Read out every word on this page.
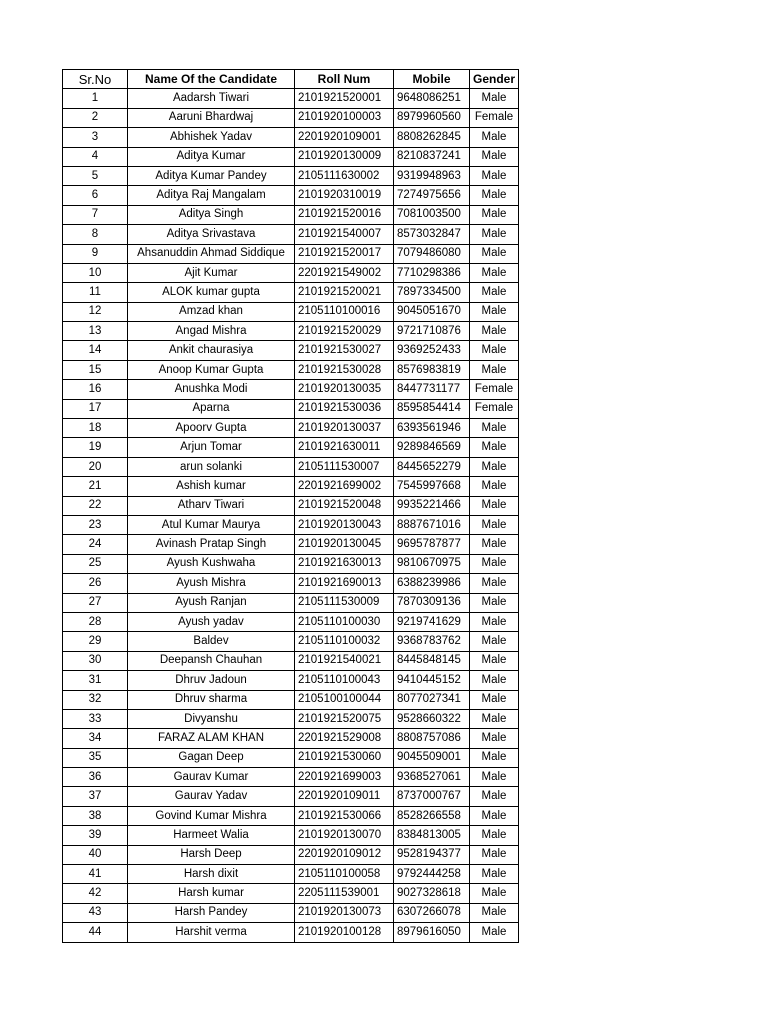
Sr.No	Name Of the Candidate	Roll Num	Mobile	Gender
1	Aadarsh Tiwari	2101921520001	9648086251	Male
2	Aaruni Bhardwaj	2101920100003	8979960560	Female
3	Abhishek Yadav	2201920109001	8808262845	Male
4	Aditya Kumar	2101920130009	8210837241	Male
5	Aditya Kumar Pandey	2105111630002	9319948963	Male
6	Aditya Raj Mangalam	2101920310019	7274975656	Male
7	Aditya Singh	2101921520016	7081003500	Male
8	Aditya Srivastava	2101921540007	8573032847	Male
9	Ahsanuddin Ahmad Siddique	2101921520017	7079486080	Male
10	Ajit Kumar	2201921549002	7710298386	Male
11	ALOK kumar gupta	2101921520021	7897334500	Male
12	Amzad khan	2105110100016	9045051670	Male
13	Angad Mishra	2101921520029	9721710876	Male
14	Ankit chaurasiya	2101921530027	9369252433	Male
15	Anoop Kumar Gupta	2101921530028	8576983819	Male
16	Anushka Modi	2101920130035	8447731177	Female
17	Aparna	2101921530036	8595854414	Female
18	Apoorv Gupta	2101920130037	6393561946	Male
19	Arjun Tomar	2101921630011	9289846569	Male
20	arun solanki	2105111530007	8445652279	Male
21	Ashish kumar	2201921699002	7545997668	Male
22	Atharv Tiwari	2101921520048	9935221466	Male
23	Atul Kumar Maurya	2101920130043	8887671016	Male
24	Avinash Pratap Singh	2101920130045	9695787877	Male
25	Ayush Kushwaha	2101921630013	9810670975	Male
26	Ayush Mishra	2101921690013	6388239986	Male
27	Ayush Ranjan	2105111530009	7870309136	Male
28	Ayush yadav	2105110100030	9219741629	Male
29	Baldev	2105110100032	9368783762	Male
30	Deepansh Chauhan	2101921540021	8445848145	Male
31	Dhruv Jadoun	2105110100043	9410445152	Male
32	Dhruv sharma	2105100100044	8077027341	Male
33	Divyanshu	2101921520075	9528660322	Male
34	FARAZ ALAM KHAN	2201921529008	8808757086	Male
35	Gagan Deep	2101921530060	9045509001	Male
36	Gaurav Kumar	2201921699003	9368527061	Male
37	Gaurav Yadav	2201920109011	8737000767	Male
38	Govind Kumar Mishra	2101921530066	8528266558	Male
39	Harmeet Walia	2101920130070	8384813005	Male
40	Harsh Deep	2201920109012	9528194377	Male
41	Harsh dixit	2105110100058	9792444258	Male
42	Harsh kumar	2205111539001	9027328618	Male
43	Harsh Pandey	2101920130073	6307266078	Male
44	Harshit verma	2101920100128	8979616050	Male
